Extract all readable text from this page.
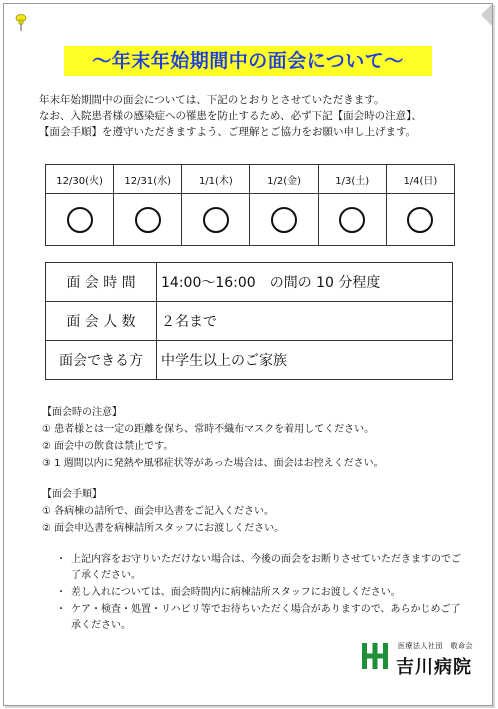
〜年末年始期間中の面会について〜
年末年始期間中の面会については、下記のとおりとさせていただきます。
なお、入院患者様の感染症への罹患を防止するため、必ず下記【面会時の注意】、
【面会手順】を遵守いただきますよう、ご理解とご協力をお願い申し上げます。
12/30(火)	12/31(水)	1/1(木)	1/2(金)	1/3(土)	1/4(日)

面 会 時 間	14:00〜16:00　の間の 10 分程度
面 会 人 数	２名まで
面会できる方	中学生以上のご家族
【面会時の注意】
① 患者様とは一定の距離を保ち、常時不織布マスクを着用してください。
② 面会中の飲食は禁止です。
③ 1 週間以内に発熱や風邪症状等があった場合は、面会はお控えください。
【面会手順】
① 各病棟の詰所で、面会申込書をご記入ください。
② 面会申込書を病棟詰所スタッフにお渡しください。
・ 上記内容をお守りいただけない場合は、今後の面会をお断りさせていただきますのでご了承ください。
・ 差し入れについては、面会時間内に病棟詰所スタッフにお渡しください。
・ ケア・検査・処置・リハビリ等でお待ちいただく場合がありますので、あらかじめご了承ください。
医療法人社団　敬命会
吉川病院
